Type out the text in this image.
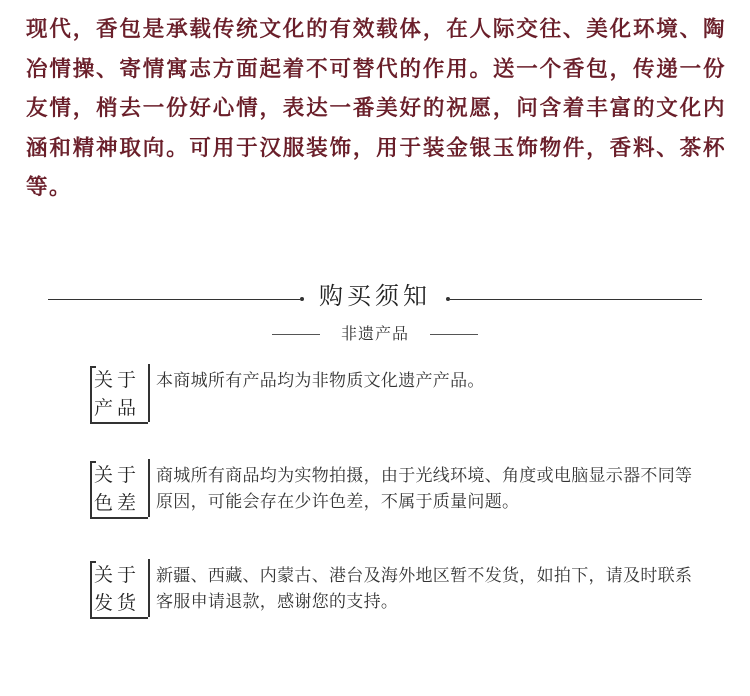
现代，香包是承载传统文化的有效载体，在人际交往、美化环境、陶冶情操、寄情寓志方面起着不可替代的作用。送一个香包，传递一份友情，梢去一份好心情，表达一番美好的祝愿，问含着丰富的文化内涵和精神取向。可用于汉服装饰，用于装金银玉饰物件，香料、茶杯等。

购买须知
非遗产品
关于
产品

本商城所有产品均为非物质文化遗产产品。

关于
色差

商城所有商品均为实物拍摄，由于光线环境、角度或电脑显示器不同等原因，可能会存在少许色差，不属于质量问题。

关于
发货

新疆、西藏、内蒙古、港台及海外地区暂不发货，如拍下，请及时联系客服申请退款，感谢您的支持。
